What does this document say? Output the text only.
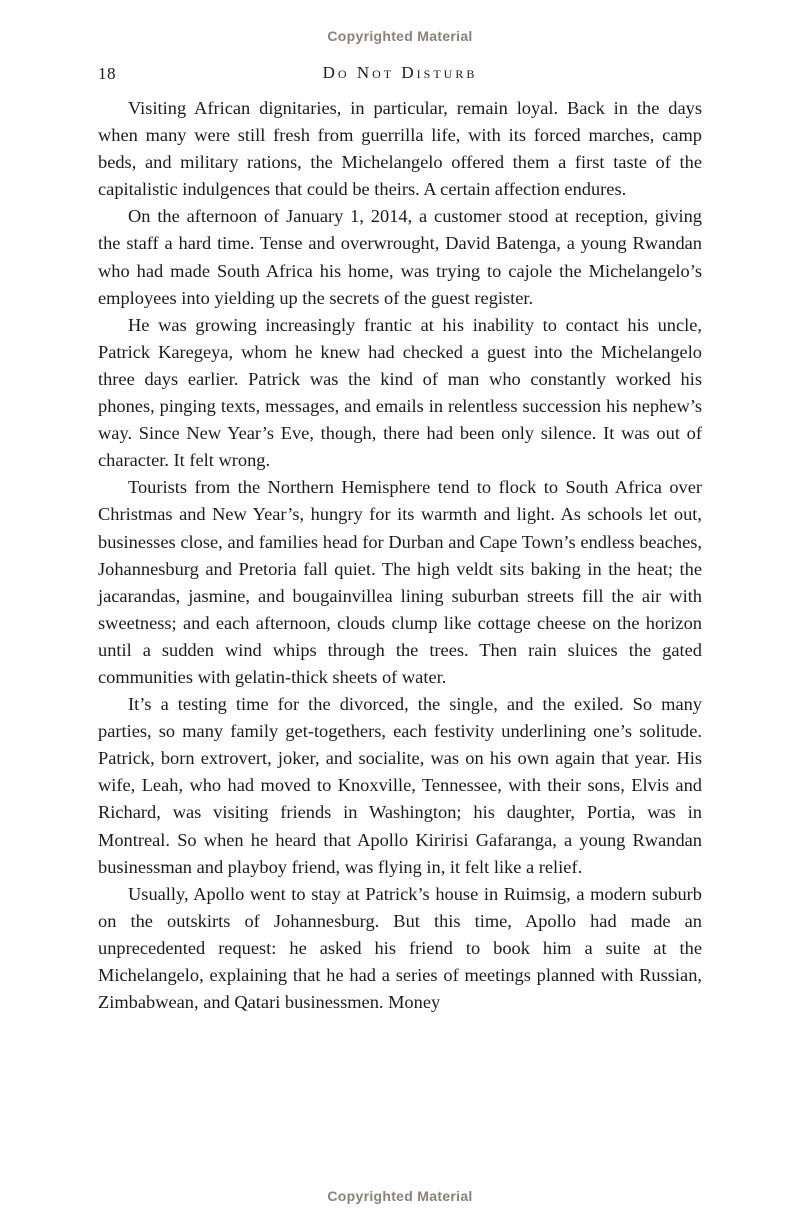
Copyrighted Material
18	Do Not Disturb

Visiting African dignitaries, in particular, remain loyal. Back in the days when many were still fresh from guerrilla life, with its forced marches, camp beds, and military rations, the Michelangelo offered them a first taste of the capitalistic indulgences that could be theirs. A certain affection endures.

On the afternoon of January 1, 2014, a customer stood at reception, giving the staff a hard time. Tense and overwrought, David Batenga, a young Rwandan who had made South Africa his home, was trying to cajole the Michelangelo’s employees into yielding up the secrets of the guest register.

He was growing increasingly frantic at his inability to contact his uncle, Patrick Karegeya, whom he knew had checked a guest into the Michelangelo three days earlier. Patrick was the kind of man who constantly worked his phones, pinging texts, messages, and emails in relentless succession his nephew’s way. Since New Year’s Eve, though, there had been only silence. It was out of character. It felt wrong.

Tourists from the Northern Hemisphere tend to flock to South Africa over Christmas and New Year’s, hungry for its warmth and light. As schools let out, businesses close, and families head for Durban and Cape Town’s endless beaches, Johannesburg and Pretoria fall quiet. The high veldt sits baking in the heat; the jacarandas, jasmine, and bougainvillea lining suburban streets fill the air with sweetness; and each afternoon, clouds clump like cottage cheese on the horizon until a sudden wind whips through the trees. Then rain sluices the gated communities with gelatin-thick sheets of water.

It’s a testing time for the divorced, the single, and the exiled. So many parties, so many family get-togethers, each festivity underlining one’s solitude. Patrick, born extrovert, joker, and socialite, was on his own again that year. His wife, Leah, who had moved to Knoxville, Tennessee, with their sons, Elvis and Richard, was visiting friends in Washington; his daughter, Portia, was in Montreal. So when he heard that Apollo Kiririsi Gafaranga, a young Rwandan businessman and playboy friend, was flying in, it felt like a relief.

Usually, Apollo went to stay at Patrick’s house in Ruimsig, a modern suburb on the outskirts of Johannesburg. But this time, Apollo had made an unprecedented request: he asked his friend to book him a suite at the Michelangelo, explaining that he had a series of meetings planned with Russian, Zimbabwean, and Qatari businessmen. Money

Copyrighted Material
